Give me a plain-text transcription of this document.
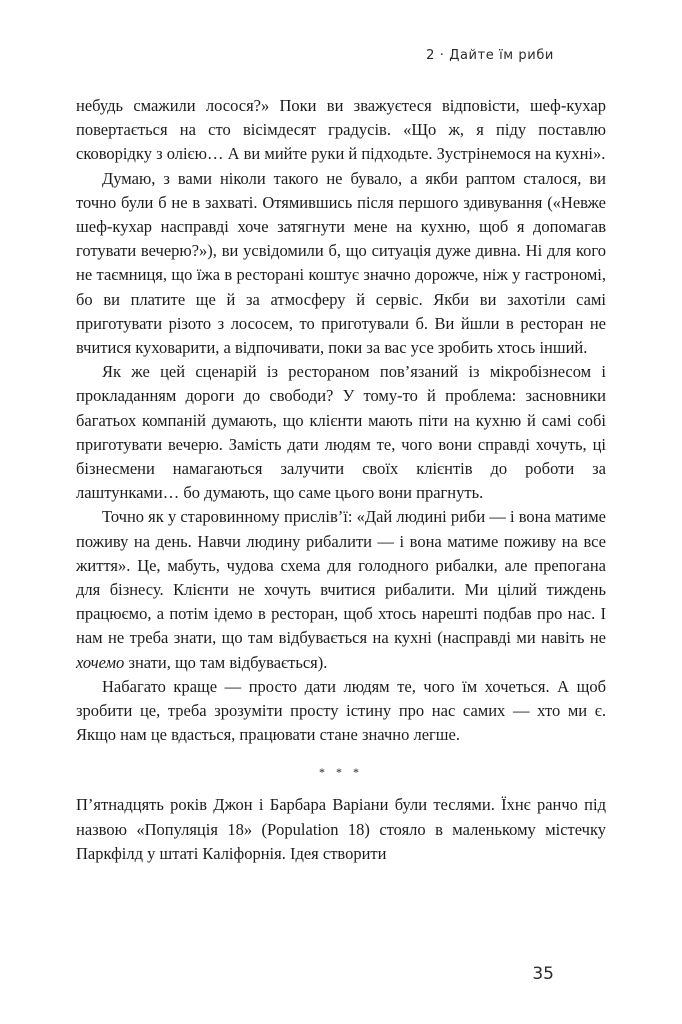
2 · Дайте їм риби

небудь смажили лосося?» Поки ви зважуєтеся відповісти, шеф-кухар повертається на сто вісімдесят градусів. «Що ж, я піду поставлю сковорідку з олією… А ви мийте руки й підходьте. Зустрінемося на кухні».

Думаю, з вами ніколи такого не бувало, а якби раптом сталося, ви точно були б не в захваті. Отямившись після першого здивування («Невже шеф-кухар насправді хоче затягнути мене на кухню, щоб я допомагав готувати вечерю?»), ви усвідомили б, що ситуація дуже дивна. Ні для кого не таємниця, що їжа в ресторані коштує значно дорожче, ніж у гастрономі, бо ви платите ще й за атмосферу й сервіс. Якби ви захотіли самі приготувати різото з лососем, то приготували б. Ви йшли в ресторан не вчитися куховарити, а відпочивати, поки за вас усе зробить хтось інший.

Як же цей сценарій із рестораном пов’язаний із мікробізнесом і прокладанням дороги до свободи? У тому-то й проблема: засновники багатьох компаній думають, що клієнти мають піти на кухню й самі собі приготувати вечерю. Замість дати людям те, чого вони справді хочуть, ці бізнесмени намагаються залучити своїх клієнтів до роботи за лаштунками… бо думають, що саме цього вони прагнуть.

Точно як у старовинному прислів’ї: «Дай людині риби — і вона матиме поживу на день. Навчи людину рибалити — і вона матиме поживу на все життя». Це, мабуть, чудова схема для голодного рибалки, але препогана для бізнесу. Клієнти не хочуть вчитися рибалити. Ми цілий тиждень працюємо, а потім ідемо в ресторан, щоб хтось нарешті подбав про нас. І нам не треба знати, що там відбувається на кухні (насправді ми навіть не хочемо знати, що там відбувається).

Набагато краще — просто дати людям те, чого їм хочеться. А щоб зробити це, треба зрозуміти просту істину про нас самих — хто ми є. Якщо нам це вдасться, працювати стане значно легше.

* * *

П’ятнадцять років Джон і Барбара Варіани були теслями. Їхнє ранчо під назвою «Популяція 18» (Population 18) стояло в маленькому містечку Паркфілд у штаті Каліфорнія. Ідея створити

35
